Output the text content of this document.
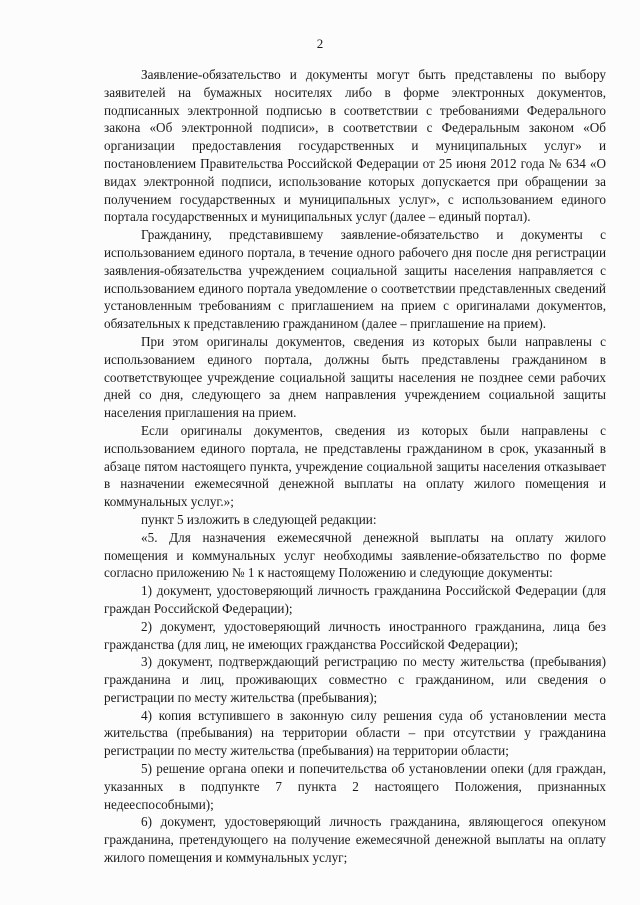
2

Заявление-обязательство и документы могут быть представлены по выбору заявителей на бумажных носителях либо в форме электронных документов, подписанных электронной подписью в соответствии с требованиями Федерального закона «Об электронной подписи», в соответствии с Федеральным законом «Об организации предоставления государственных и муниципальных услуг» и постановлением Правительства Российской Федерации от 25 июня 2012 года № 634 «О видах электронной подписи, использование которых допускается при обращении за получением государственных и муниципальных услуг», с использованием единого портала государственных и муниципальных услуг (далее – единый портал).

Гражданину, представившему заявление-обязательство и документы с использованием единого портала, в течение одного рабочего дня после дня регистрации заявления-обязательства учреждением социальной защиты населения направляется с использованием единого портала уведомление о соответствии представленных сведений установленным требованиям с приглашением на прием с оригиналами документов, обязательных к представлению гражданином (далее – приглашение на прием).

При этом оригиналы документов, сведения из которых были направлены с использованием единого портала, должны быть представлены гражданином в соответствующее учреждение социальной защиты населения не позднее семи рабочих дней со дня, следующего за днем направления учреждением социальной защиты населения приглашения на прием.

Если оригиналы документов, сведения из которых были направлены с использованием единого портала, не представлены гражданином в срок, указанный в абзаце пятом настоящего пункта, учреждение социальной защиты населения отказывает в назначении ежемесячной денежной выплаты на оплату жилого помещения и коммунальных услуг.»;

пункт 5 изложить в следующей редакции:

«5. Для назначения ежемесячной денежной выплаты на оплату жилого помещения и коммунальных услуг необходимы заявление-обязательство по форме согласно приложению № 1 к настоящему Положению и следующие документы:

1) документ, удостоверяющий личность гражданина Российской Федерации (для граждан Российской Федерации);

2) документ, удостоверяющий личность иностранного гражданина, лица без гражданства (для лиц, не имеющих гражданства Российской Федерации);

3) документ, подтверждающий регистрацию по месту жительства (пребывания) гражданина и лиц, проживающих совместно с гражданином, или сведения о регистрации по месту жительства (пребывания);

4) копия вступившего в законную силу решения суда об установлении места жительства (пребывания) на территории области – при отсутствии у гражданина регистрации по месту жительства (пребывания) на территории области;

5) решение органа опеки и попечительства об установлении опеки (для граждан, указанных в подпункте 7 пункта 2 настоящего Положения, признанных недееспособными);

6) документ, удостоверяющий личность гражданина, являющегося опекуном гражданина, претендующего на получение ежемесячной денежной выплаты на оплату жилого помещения и коммунальных услуг;
